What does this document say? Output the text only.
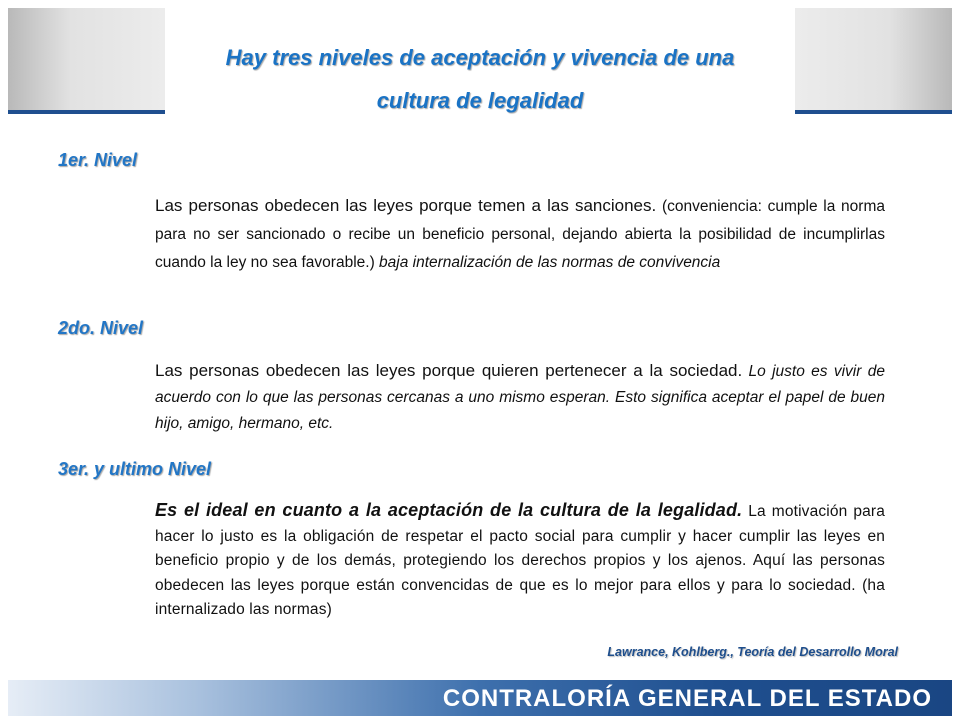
Hay tres niveles de aceptación y vivencia de una
cultura de legalidad
1er. Nivel
Las personas obedecen las leyes porque temen a las sanciones. (conveniencia: cumple la norma para no ser sancionado o recibe un beneficio personal, dejando abierta la posibilidad de incumplirlas cuando la ley no sea favorable.) baja internalización de las normas de convivencia
2do. Nivel
Las personas obedecen las leyes porque quieren pertenecer a la sociedad. Lo justo es vivir de acuerdo con lo que las personas cercanas a uno mismo esperan. Esto significa aceptar el papel de buen hijo, amigo, hermano, etc.
3er. y ultimo Nivel
Es el ideal en cuanto a la aceptación de la cultura de la legalidad. La motivación para hacer lo justo es la obligación de respetar el pacto social para cumplir y hacer cumplir las leyes en beneficio propio y de los demás, protegiendo los derechos propios y los ajenos. Aquí las personas obedecen las leyes porque están convencidas de que es lo mejor para ellos y para lo sociedad. (ha internalizado las normas)
Lawrance, Kohlberg., Teoría del Desarrollo Moral
CONTRALORÍA GENERAL DEL ESTADO
